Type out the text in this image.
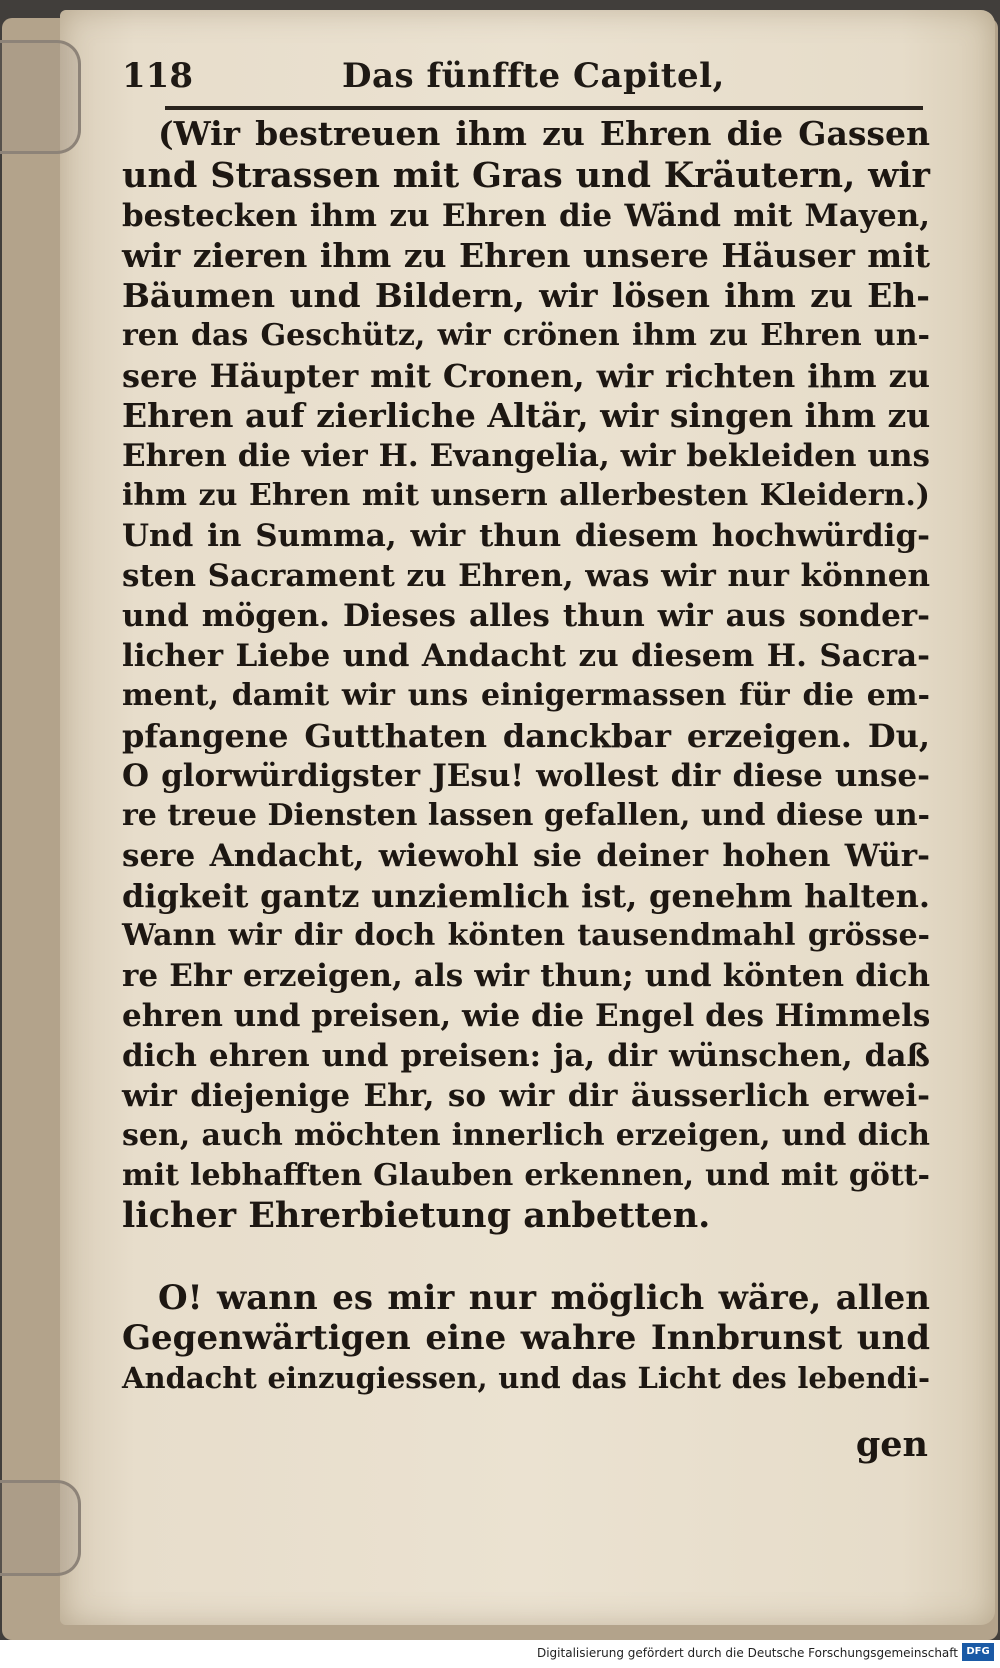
118	Das fünffte Capitel,
(Wir bestreuen ihm zu Ehren die Gassen
und Strassen mit Gras und Kräutern, wir
bestecken ihm zu Ehren die Wänd mit Mayen,
wir zieren ihm zu Ehren unsere Häuser mit
Bäumen und Bildern, wir lösen ihm zu Eh-
ren das Geschütz, wir crönen ihm zu Ehren un-
sere Häupter mit Cronen, wir richten ihm zu
Ehren auf zierliche Altär, wir singen ihm zu
Ehren die vier H. Evangelia, wir bekleiden uns
ihm zu Ehren mit unsern allerbesten Kleidern.)
Und in Summa, wir thun diesem hochwürdig-
sten Sacrament zu Ehren, was wir nur können
und mögen. Dieses alles thun wir aus sonder-
licher Liebe und Andacht zu diesem H. Sacra-
ment, damit wir uns einigermassen für die em-
pfangene Gutthaten danckbar erzeigen. Du,
O glorwürdigster JEsu! wollest dir diese unse-
re treue Diensten lassen gefallen, und diese un-
sere Andacht, wiewohl sie deiner hohen Wür-
digkeit gantz unziemlich ist, genehm halten.
Wann wir dir doch könten tausendmahl grösse-
re Ehr erzeigen, als wir thun; und könten dich
ehren und preisen, wie die Engel des Himmels
dich ehren und preisen: ja, dir wünschen, daß
wir diejenige Ehr, so wir dir äusserlich erwei-
sen, auch möchten innerlich erzeigen, und dich
mit lebhafften Glauben erkennen, und mit gött-
licher Ehrerbietung anbetten.
O! wann es mir nur möglich wäre, allen
Gegenwärtigen eine wahre Innbrunst und
Andacht einzugiessen, und das Licht des lebendi-
gen
Digitalisierung gefördert durch die Deutsche Forschungsgemeinschaft DFG
